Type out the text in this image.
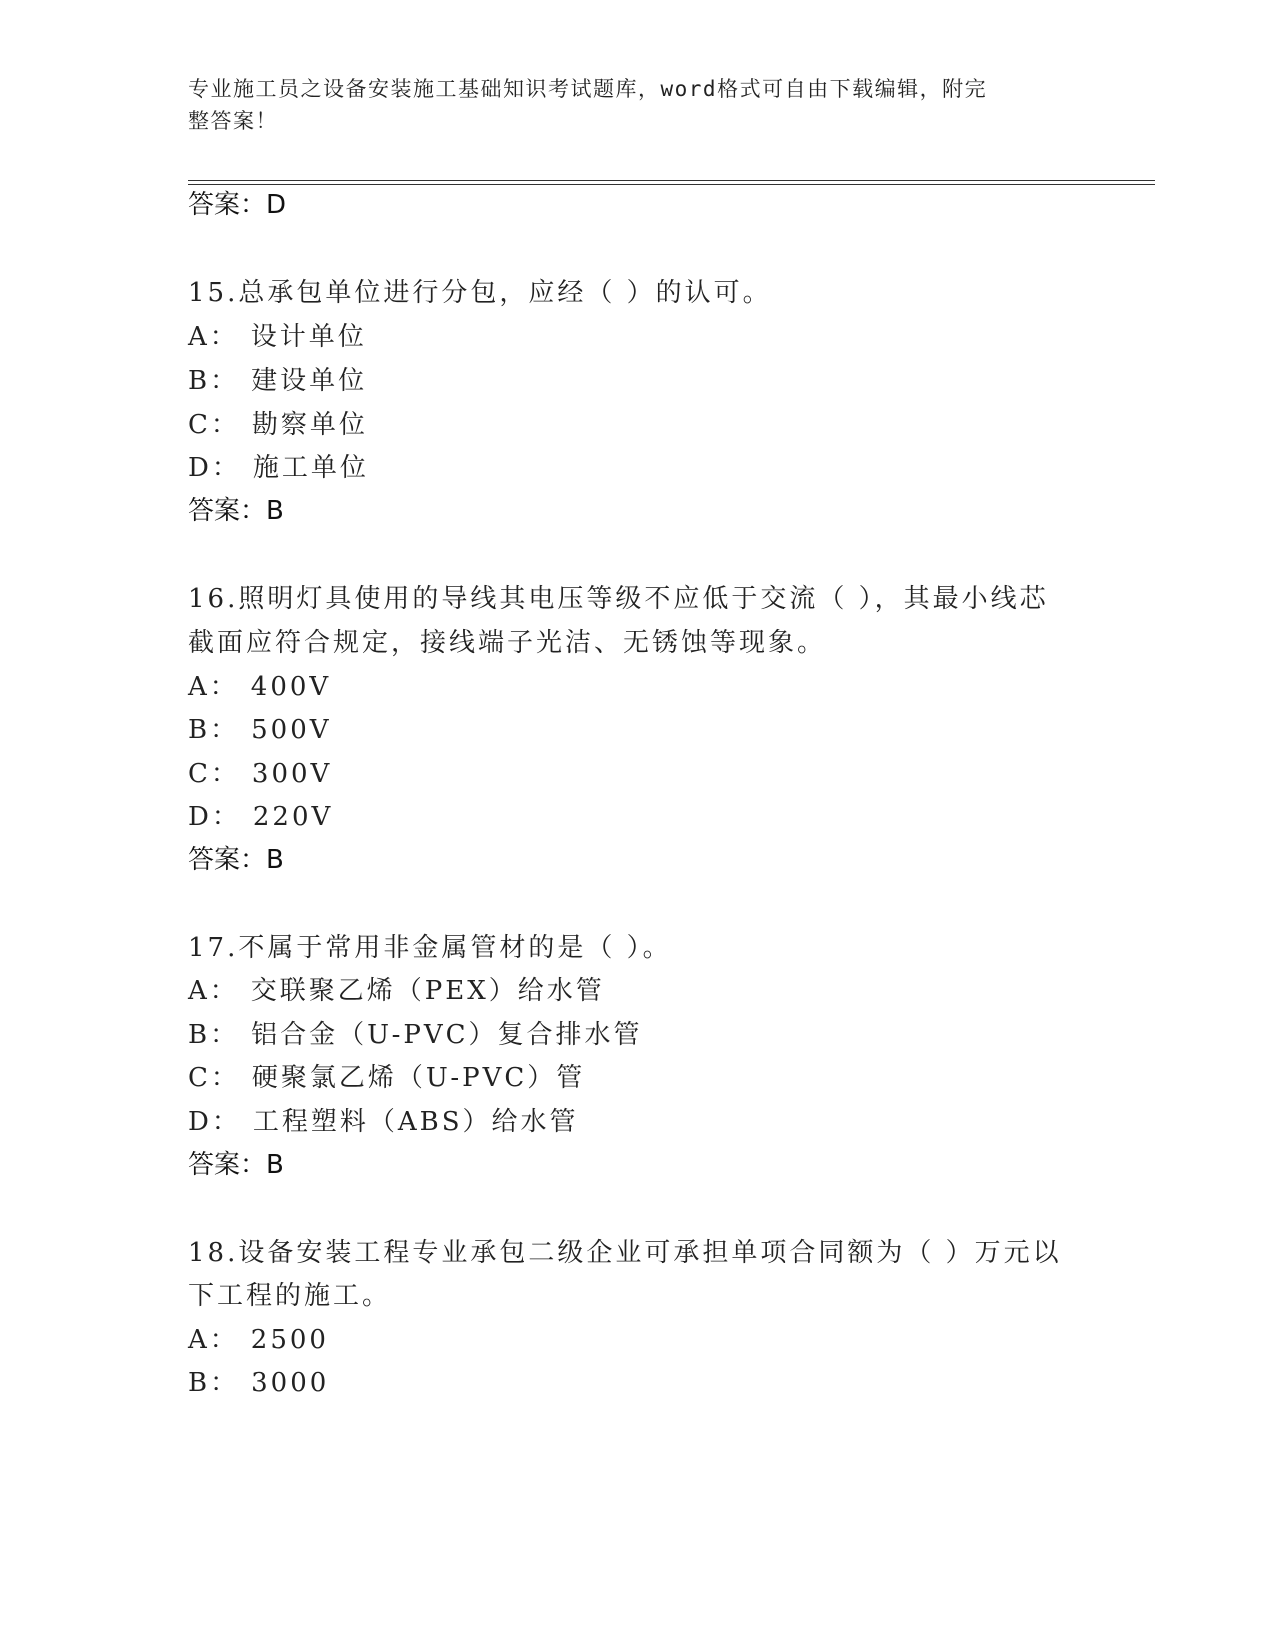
专业施工员之设备安装施工基础知识考试题库，word格式可自由下载编辑，附完
整答案！
答案：D
15.总承包单位进行分包，应经（ ）的认可。
A： 设计单位
B： 建设单位
C： 勘察单位
D： 施工单位
答案：B
16.照明灯具使用的导线其电压等级不应低于交流（ ），其最小线芯
截面应符合规定，接线端子光洁、无锈蚀等现象。
A： 400V
B： 500V
C： 300V
D： 220V
答案：B
17.不属于常用非金属管材的是（ ）。
A： 交联聚乙烯（PEX）给水管
B： 铝合金（U-PVC）复合排水管
C： 硬聚氯乙烯（U-PVC）管
D： 工程塑料（ABS）给水管
答案：B
18.设备安装工程专业承包二级企业可承担单项合同额为（ ）万元以
下工程的施工。
A： 2500
B： 3000
